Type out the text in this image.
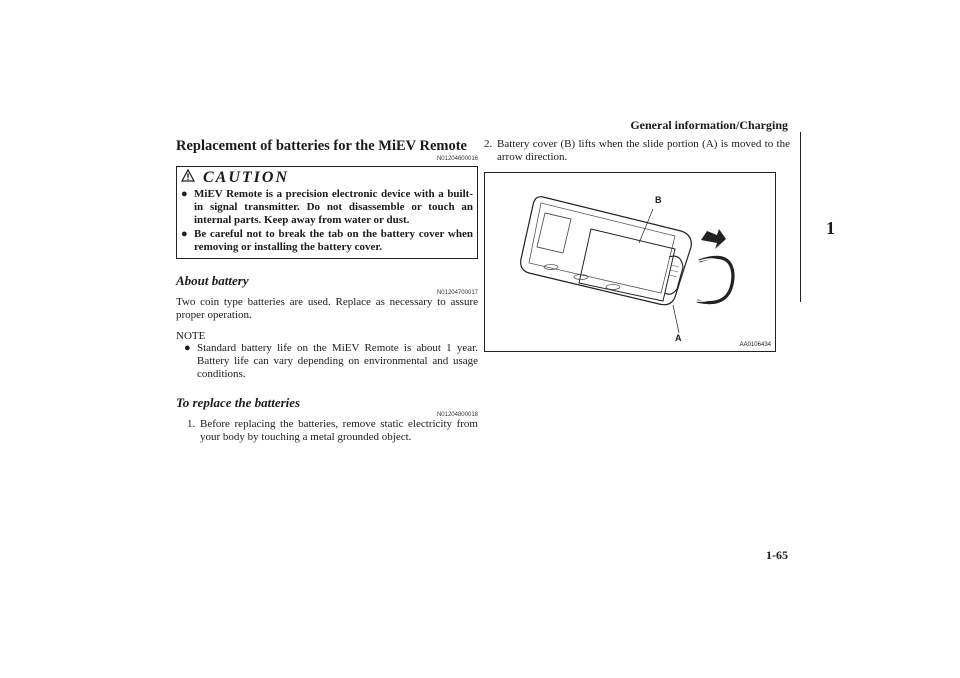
General information/Charging
1
1-65
Replacement of batteries for the MiEV Remote
N01204600016
CAUTION
● MiEV Remote is a precision electronic device with a built-in signal transmitter. Do not disassemble or touch an internal parts. Keep away from water or dust.
● Be careful not to break the tab on the battery cover when removing or installing the battery cover.
About battery
N01204700017
Two coin type batteries are used. Replace as necessary to assure proper operation.
NOTE
● Standard battery life on the MiEV Remote is about 1 year. Battery life can vary depending on environmental and usage conditions.
To replace the batteries
N01204800018
1. Before replacing the batteries, remove static electricity from your body by touching a metal grounded object.
2. Battery cover (B) lifts when the slide portion (A) is moved to the arrow direction.
B
A
AA0106434
